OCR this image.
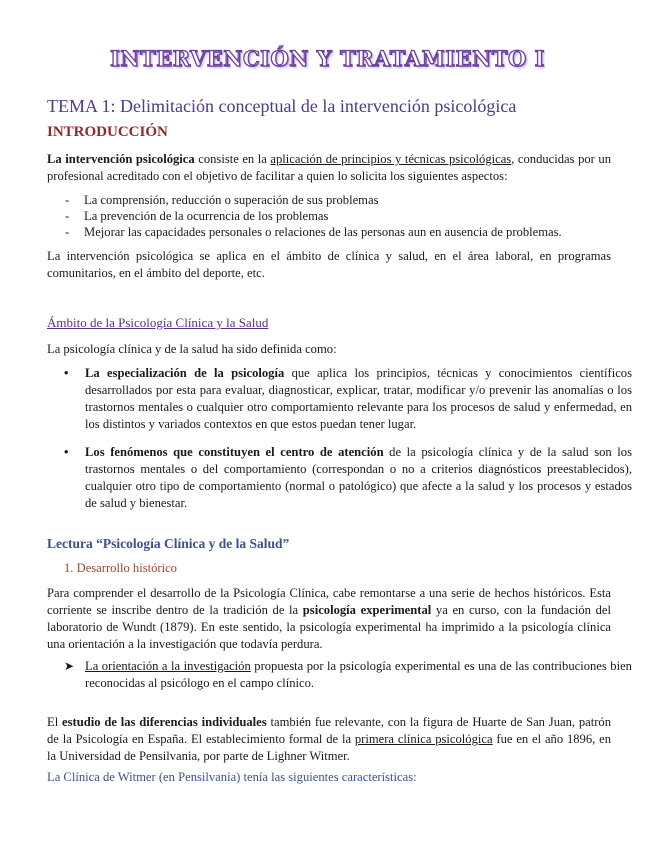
INTERVENCIÓN Y TRATAMIENTO I
TEMA 1: Delimitación conceptual de la intervención psicológica
INTRODUCCIÓN
La intervención psicológica consiste en la aplicación de principios y técnicas psicológicas, conducidas por un profesional acreditado con el objetivo de facilitar a quien lo solicita los siguientes aspectos:
- La comprensión, reducción o superación de sus problemas
- La prevención de la ocurrencia de los problemas
- Mejorar las capacidades personales o relaciones de las personas aun en ausencia de problemas.
La intervención psicológica se aplica en el ámbito de clínica y salud, en el área laboral, en programas comunitarios, en el ámbito del deporte, etc.
Ámbito de la Psicología Clínica y la Salud
La psicología clínica y de la salud ha sido definida como:
• La especialización de la psicología que aplica los principios, técnicas y conocimientos científicos desarrollados por esta para evaluar, diagnosticar, explicar, tratar, modificar y/o prevenir las anomalías o los trastornos mentales o cualquier otro comportamiento relevante para los procesos de salud y enfermedad, en los distintos y variados contextos en que estos puedan tener lugar.
• Los fenómenos que constituyen el centro de atención de la psicología clínica y de la salud son los trastornos mentales o del comportamiento (correspondan o no a criterios diagnósticos preestablecidos), cualquier otro tipo de comportamiento (normal o patológico) que afecte a la salud y los procesos y estados de salud y bienestar.
Lectura “Psicología Clínica y de la Salud”
1. Desarrollo histórico
Para comprender el desarrollo de la Psicología Clínica, cabe remontarse a una serie de hechos históricos. Esta corriente se inscribe dentro de la tradición de la psicología experimental ya en curso, con la fundación del laboratorio de Wundt (1879). En este sentido, la psicología experimental ha imprimido a la psicología clínica una orientación a la investigación que todavía perdura.
➤ La orientación a la investigación propuesta por la psicología experimental es una de las contribuciones bien reconocidas al psicólogo en el campo clínico.
El estudio de las diferencias individuales también fue relevante, con la figura de Huarte de San Juan, patrón de la Psicología en España. El establecimiento formal de la primera clínica psicológica fue en el año 1896, en la Universidad de Pensilvania, por parte de Lighner Witmer.
La Clínica de Witmer (en Pensilvania) tenía las siguientes características:
